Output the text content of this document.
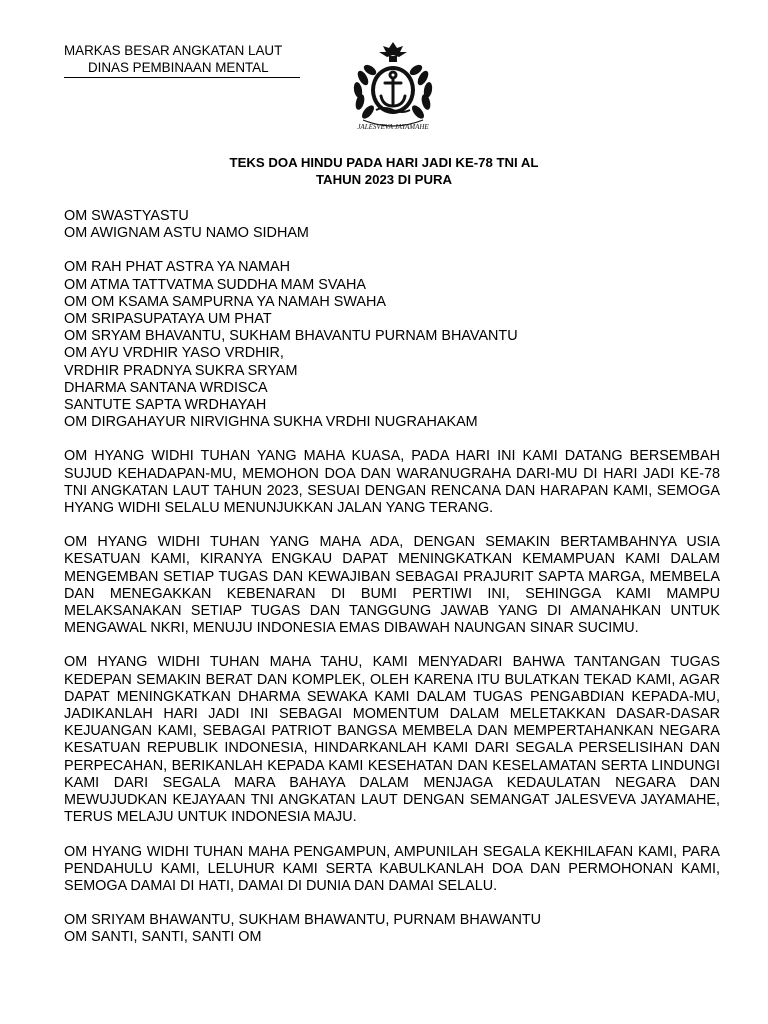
MARKAS BESAR ANGKATAN LAUT
DINAS PEMBINAAN MENTAL
JALESVEVA JAYAMAHE
TEKS DOA HINDU PADA HARI JADI KE-78 TNI AL
TAHUN 2023 DI PURA
OM SWASTYASTU
OM AWIGNAM ASTU NAMO SIDHAM
OM RAH PHAT ASTRA YA NAMAH
OM ATMA TATTVATMA SUDDHA MAM SVAHA
OM OM KSAMA SAMPURNA YA NAMAH SWAHA
OM SRIPASUPATAYA UM PHAT
OM SRYAM BHAVANTU, SUKHAM BHAVANTU PURNAM BHAVANTU
OM AYU VRDHIR YASO VRDHIR,
VRDHIR PRADNYA SUKRA SRYAM
DHARMA SANTANA WRDISCA
SANTUTE SAPTA WRDHAYAH
OM DIRGAHAYUR NIRVIGHNA SUKHA VRDHI NUGRAHAKAM
OM HYANG WIDHI TUHAN YANG MAHA KUASA, PADA HARI INI KAMI DATANG BERSEMBAH SUJUD KEHADAPAN-MU, MEMOHON DOA DAN WARANUGRAHA DARI-MU DI HARI JADI KE-78 TNI ANGKATAN LAUT TAHUN 2023, SESUAI DENGAN RENCANA DAN HARAPAN KAMI, SEMOGA HYANG WIDHI SELALU MENUNJUKKAN JALAN YANG TERANG.
OM HYANG WIDHI TUHAN YANG MAHA ADA, DENGAN SEMAKIN BERTAMBAHNYA USIA KESATUAN KAMI, KIRANYA ENGKAU DAPAT MENINGKATKAN KEMAMPUAN KAMI DALAM MENGEMBAN SETIAP TUGAS DAN KEWAJIBAN SEBAGAI PRAJURIT SAPTA MARGA, MEMBELA DAN MENEGAKKAN KEBENARAN DI BUMI PERTIWI INI, SEHINGGA KAMI MAMPU MELAKSANAKAN SETIAP TUGAS DAN TANGGUNG JAWAB YANG DI AMANAHKAN UNTUK MENGAWAL NKRI, MENUJU INDONESIA EMAS DIBAWAH NAUNGAN SINAR SUCIMU.
OM HYANG WIDHI TUHAN MAHA TAHU, KAMI MENYADARI BAHWA TANTANGAN TUGAS KEDEPAN SEMAKIN BERAT DAN KOMPLEK, OLEH KARENA ITU BULATKAN TEKAD KAMI, AGAR DAPAT MENINGKATKAN DHARMA SEWAKA KAMI DALAM TUGAS PENGABDIAN KEPADA-MU, JADIKANLAH HARI JADI INI SEBAGAI MOMENTUM DALAM MELETAKKAN DASAR-DASAR KEJUANGAN KAMI, SEBAGAI PATRIOT BANGSA MEMBELA DAN MEMPERTAHANKAN NEGARA KESATUAN REPUBLIK INDONESIA, HINDARKANLAH KAMI DARI SEGALA PERSELISIHAN DAN PERPECAHAN, BERIKANLAH KEPADA KAMI KESEHATAN DAN KESELAMATAN SERTA LINDUNGI KAMI DARI SEGALA MARA BAHAYA DALAM MENJAGA KEDAULATAN NEGARA DAN MEWUJUDKAN KEJAYAAN TNI ANGKATAN LAUT DENGAN SEMANGAT JALESVEVA JAYAMAHE, TERUS MELAJU UNTUK INDONESIA MAJU.
OM HYANG WIDHI TUHAN MAHA PENGAMPUN, AMPUNILAH SEGALA KEKHILAFAN KAMI, PARA PENDAHULU KAMI, LELUHUR KAMI SERTA KABULKANLAH DOA DAN PERMOHONAN KAMI, SEMOGA DAMAI DI HATI, DAMAI DI DUNIA DAN DAMAI SELALU.
OM SRIYAM BHAWANTU, SUKHAM BHAWANTU, PURNAM BHAWANTU
OM SANTI, SANTI, SANTI OM
